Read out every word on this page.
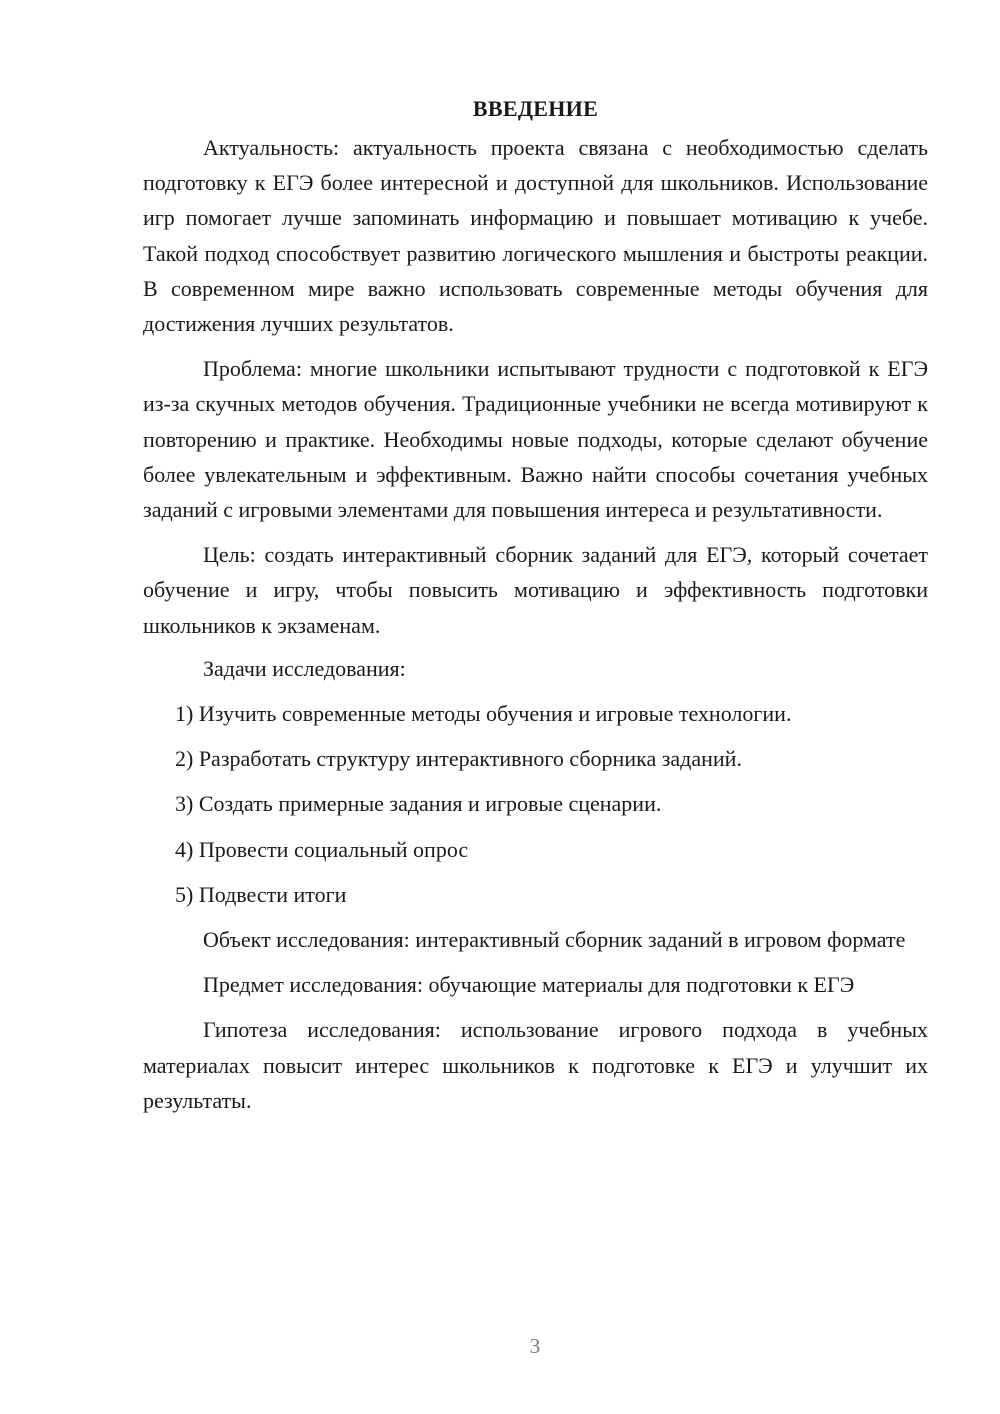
ВВЕДЕНИЕ

Актуальность: актуальность проекта связана с необходимостью сделать подготовку к ЕГЭ более интересной и доступной для школьников. Использование игр помогает лучше запоминать информацию и повышает мотивацию к учебе. Такой подход способствует развитию логического мышления и быстроты реакции. В современном мире важно использовать современные методы обучения для достижения лучших результатов.

Проблема: многие школьники испытывают трудности с подготовкой к ЕГЭ из-за скучных методов обучения. Традиционные учебники не всегда мотивируют к повторению и практике. Необходимы новые подходы, которые сделают обучение более увлекательным и эффективным. Важно найти способы сочетания учебных заданий с игровыми элементами для повышения интереса и результативности.

Цель: создать интерактивный сборник заданий для ЕГЭ, который сочетает обучение и игру, чтобы повысить мотивацию и эффективность подготовки школьников к экзаменам.

Задачи исследования:

1) Изучить современные методы обучения и игровые технологии.
2) Разработать структуру интерактивного сборника заданий.
3) Создать примерные задания и игровые сценарии.
4) Провести социальный опрос
5) Подвести итоги

Объект исследования: интерактивный сборник заданий в игровом формате

Предмет исследования: обучающие материалы для подготовки к ЕГЭ

Гипотеза исследования: использование игрового подхода в учебных материалах повысит интерес школьников к подготовке к ЕГЭ и улучшит их результаты.

3
